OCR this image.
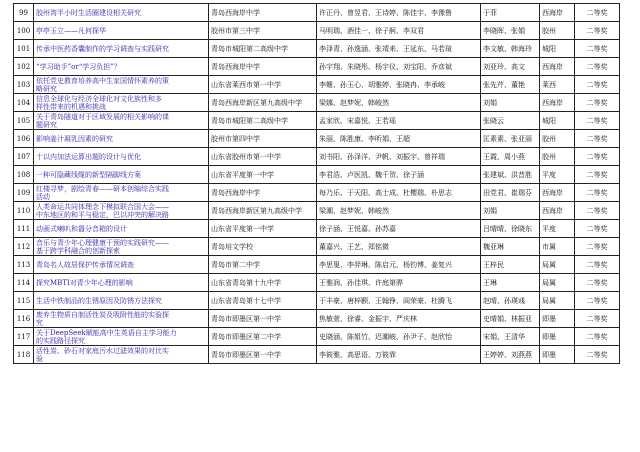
99	胶州湾半小时生活圈建设相关研究	青岛西海岸中学	许正丹、曾昱君、王诗婷、陈佳宇、李豫鲁	于菲	西海岸	二等奖
100	亭亭玉立——凡何探华	胶州市第三中学	马明瑞、酒佳一、徐子舸、李双君	李晓晖、张娟	胶州	二等奖
101	传承中医药香囊制作的学习调查与实践研究	青岛市城阳第二高级中学	李泽青、孙逸涵、张靖来、王延东、马若瑄	李文敏、韩海玲	城阳	二等奖
102	“学习助手”or“学习负担”？	青岛西海岸中学	孙宇翔、朱晓彤、杨宇仪、刘宝阳、乔彦斌	刘亚玲、高文	西海岸	二等奖
103	依托党史教育培养高中生家国情怀素养的策
略研究	山东省莱西市第一中学	李姗、孙玉心、胡雅婷、张晓冉、李承峻	张先芹、董艳	莱西	二等奖
104	信息全球化与经济全球化对文化族性和多
样性带来的机遇和挑战	青岛西海岸新区第九高级中学	梁娜、赵梦妮、韩峻然	刘娟	西海岸	二等奖
105	关于青岛隧道对于区域发展的相关影响的课
题研究	青岛市城阳第二高级中学	孟家欣、宋嘉悦、王若瑶	张晓云	城阳	二等奖
106	影响姜汁凝乳因素的研究	胶州市第四中学	朱丽、陈胜康、李昕娟、王超	匡素素、张亚丽	胶州	二等奖
107	十以内加法运算出题的设计与优化	山东省胶州市第一中学	刘书阳、孙泽洋、尹帆、刘振宇、曾祥瑞	王霞、周小燕	胶州	二等奖
108	一种可隐藏线缆的新型隔脚线方案	山东省平度第一中学	李君浩、卢医凯、魏千贺、徐子涵	张建斌、洪昔胜	平度	二等奖
109	红楼寻梦，剧绘青春——研本创编综合实践
活动	青岛西海岸中学	每乃乐、于天阳、高士成、杜樱瑞、朴思志	田党君、崔瑞芬	西海岸	二等奖
110	人类命运共同体理念下模拟联合国大会——
中东地区的和平与稳定，巴以冲突的解决路	青岛西海岸新区第九高级中学	梁潮、赵梦妮、韩峻然	刘娟	西海岸	二等奖
111	动画式喇叭和嚣分音箱的设计	山东省平度第一中学	徐子涵、王悦嘉、孙苏嘉	吕晴晴、徐晓东	平度	二等奖
112	音乐与青少年心理健康干预的实践研究——
基于跨学科融合的创新探索	青岛培文学校	董嘉兴、王艺、郑铭微	魏亚琳	市属	二等奖
113	青岛名人故居保护传承情况调查	青岛市第二中学	李思叟、李羿琳、陈启元、杨钧博、姜复兴	王梓民	局属	二等奖
114	探究MBTI对青少年心理的影响	山东省青岛第十九中学	王雅润、孙佳琪、许庭第骅	王琳	局属	二等奖
115	生活中铁制品的生锈原因及防锈方法探究	山东省青岛第十七中学	于丰豪、唐梓颢、王翰铮、阎荣豪、杜腾飞	赵晴、孙瑛彧	局属	二等奖
116	废弃生物质自制活性炭及吸附性能的实验探
究	青岛市即墨区第一中学	焦敏萱、徐睿、金振宇、严庆林	史晴娟、林振亚	即墨	二等奖
117	关于DeepSeek赋能高中生英语自主学习能力
的实践路径探究	青岛市即墨区第二中学	史晓涵、陈姐竹、迟潮峻、孙尹子、赵欣怡	宋娟、王清华	即墨	二等奖
118	活性炭、砂石对家庭污水过滤效果的对比实
验	青岛市即墨区第一中学	李筱雅、高思语、万筱霏	王婷婷、刘燕燕	即墨	二等奖
